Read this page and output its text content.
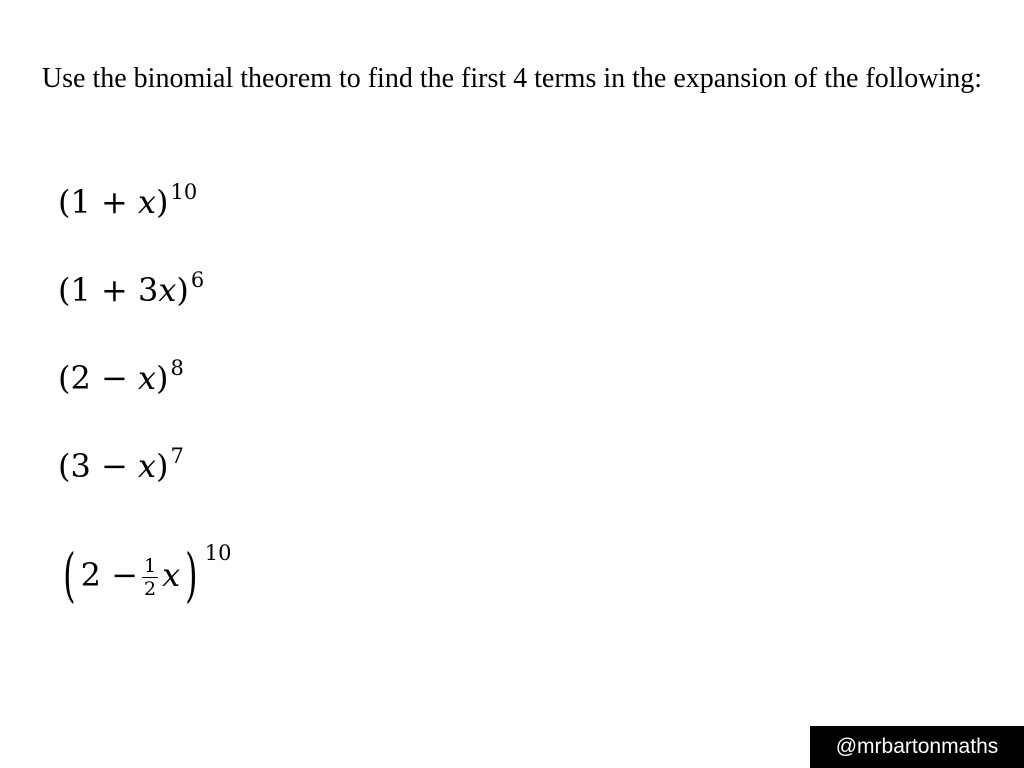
Use the binomial theorem to find the first 4 terms in the expansion of the following:
$(1 + x)^{10}$
$(1 + 3x)^6$
$(2 - x)^8$
$(3 - x)^7$
( $2 - \frac{1}{2}$ x ) $^{10}$
@mrbartonmaths
